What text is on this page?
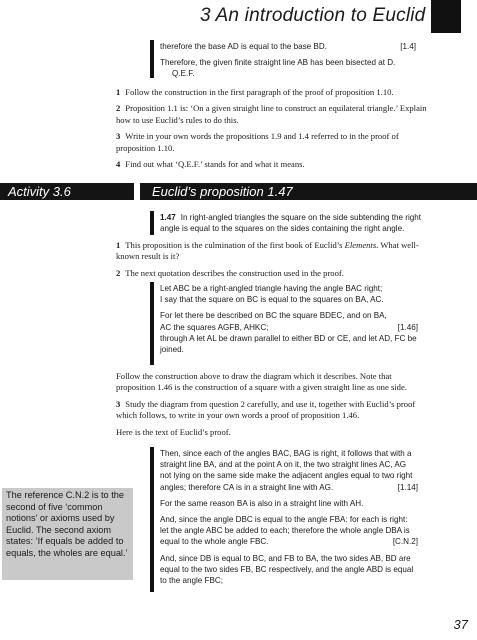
3 An introduction to Euclid
therefore the base AD is equal to the base BD.	[1.4]
Therefore, the given finite straight line AB has been bisected at D.
Q.E.F.

1 Follow the construction in the first paragraph of the proof of proposition 1.10.

2 Proposition 1.1 is: ‘On a given straight line to construct an equilateral triangle.’ Explain how to use Euclid’s rules to do this.

3 Write in your own words the propositions 1.9 and 1.4 referred to in the proof of proposition 1.10.

4 Find out what ‘Q.E.F.’ stands for and what it means.

Activity 3.6	Euclid’s proposition 1.47
1.47 In right-angled triangles the square on the side subtending the right angle is equal to the squares on the sides containing the right angle.

1 This proposition is the culmination of the first book of Euclid’s Elements. What well-known result is it?

2 The next quotation describes the construction used in the proof.

Let ABC be a right-angled triangle having the angle BAC right;
I say that the square on BC is equal to the squares on BA, AC.
For let there be described on BC the square BDEC, and on BA,
AC the squares AGFB, AHKC;	[1.46]
through A let AL be drawn parallel to either BD or CE, and let AD, FC be joined.

Follow the construction above to draw the diagram which it describes. Note that proposition 1.46 is the construction of a square with a given straight line as one side.

3 Study the diagram from question 2 carefully, and use it, together with Euclid’s proof which follows, to write in your own words a proof of proposition 1.46.

Here is the text of Euclid’s proof.

Then, since each of the angles BAC, BAG is right, it follows that with a straight line BA, and at the point A on it, the two straight lines AC, AG not lying on the same side make the adjacent angles equal to two right angles; therefore CA is in a straight line with AG.	[1.14]

For the same reason BA is also in a straight line with AH.

And, since the angle DBC is equal to the angle FBA: for each is right: let the angle ABC be added to each; therefore the whole angle DBA is equal to the whole angle FBC.	[C.N.2]

And, since DB is equal to BC, and FB to BA, the two sides AB, BD are equal to the two sides FB, BC respectively, and the angle ABD is equal to the angle FBC;

The reference C.N.2 is to the second of five ‘common notions’ or axioms used by Euclid. The second axiom states: ‘If equals be added to equals, the wholes are equal.’
37
